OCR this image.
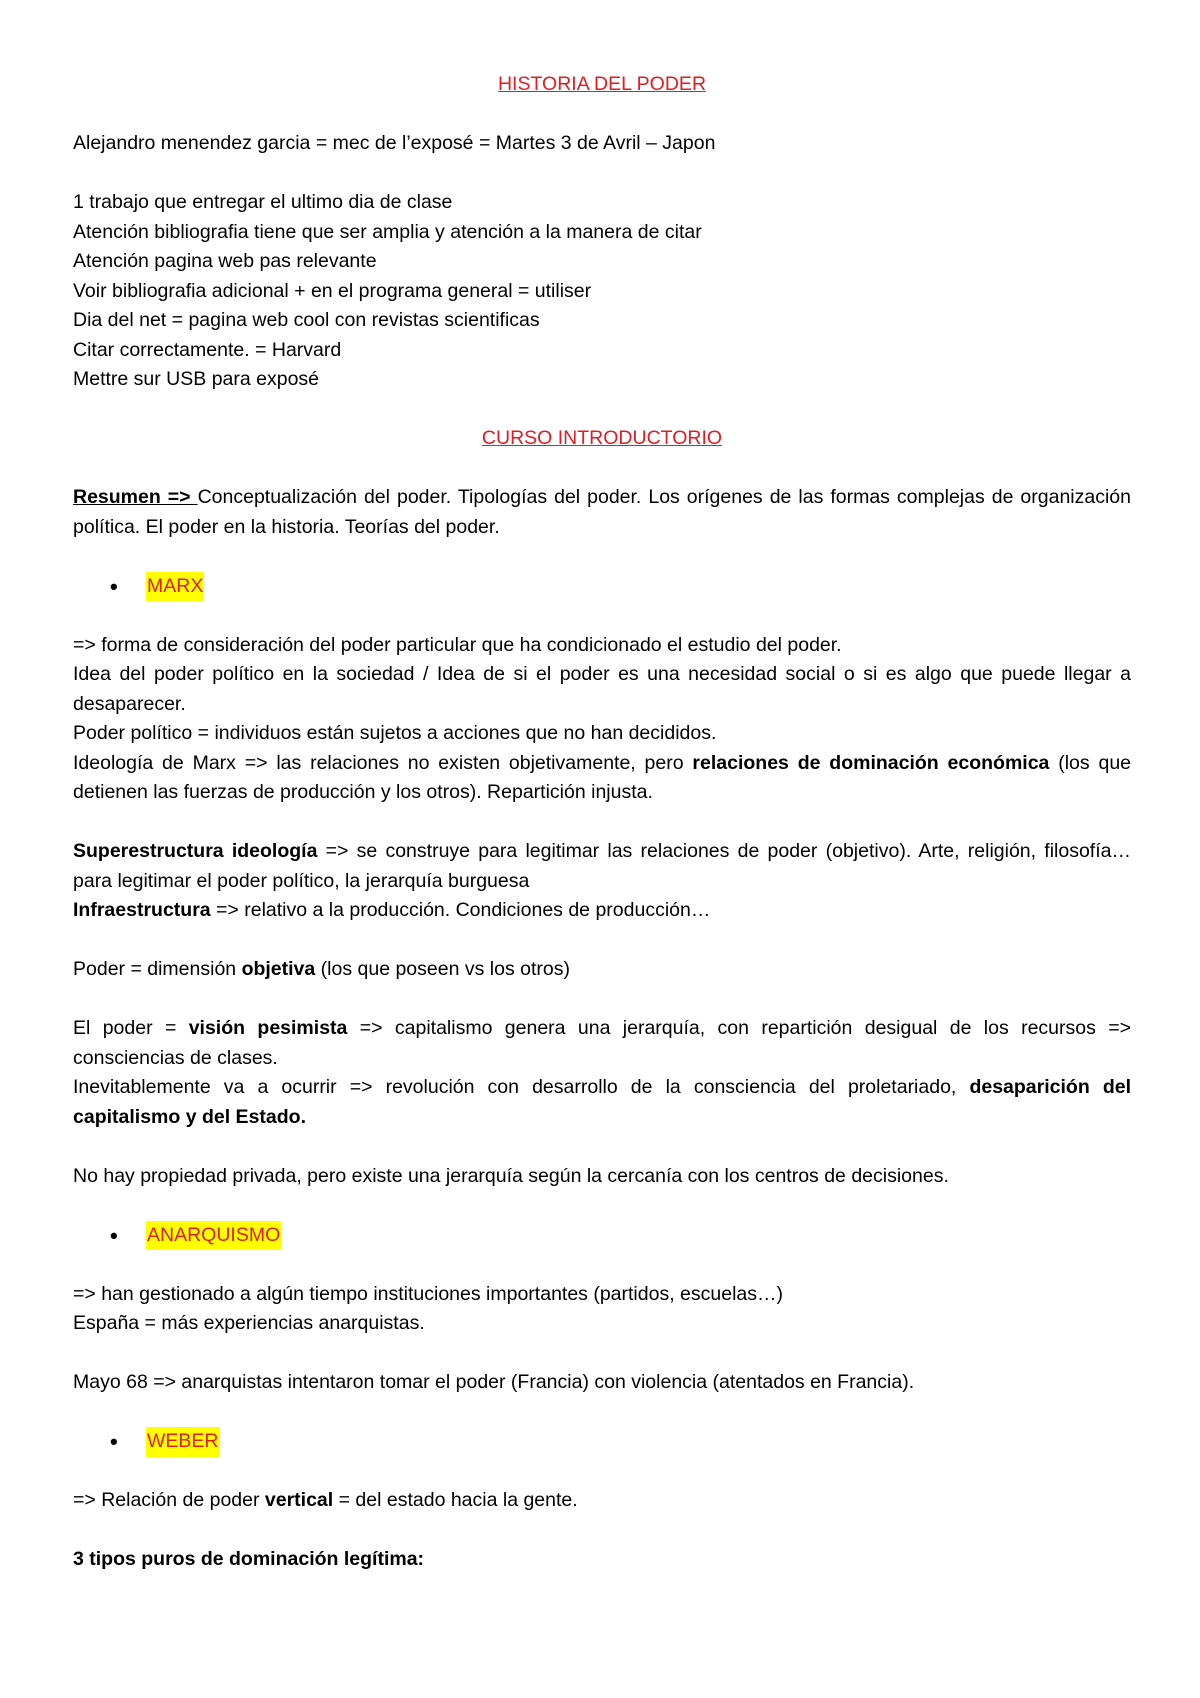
HISTORIA DEL PODER
Alejandro menendez garcia = mec de l’exposé = Martes 3 de Avril – Japon
1 trabajo que entregar el ultimo dia de clase
Atención bibliografia tiene que ser amplia y atención a la manera de citar
Atención pagina web pas relevante
Voir bibliografia adicional + en el programa general = utiliser
Dia del net = pagina web cool con revistas scientificas
Citar correctamente. = Harvard
Mettre sur USB para exposé
CURSO INTRODUCTORIO
Resumen => Conceptualización del poder. Tipologías del poder. Los orígenes de las formas complejas de organización política. El poder en la historia. Teorías del poder.
•	MARX
=> forma de consideración del poder particular que ha condicionado el estudio del poder.
Idea del poder político en la sociedad / Idea de si el poder es una necesidad social o si es algo que puede llegar a desaparecer.
Poder político = individuos están sujetos a acciones que no han decididos.
Ideología de Marx => las relaciones no existen objetivamente, pero relaciones de dominación económica (los que detienen las fuerzas de producción y los otros). Repartición injusta.
Superestructura ideología => se construye para legitimar las relaciones de poder (objetivo). Arte, religión, filosofía… para legitimar el poder político, la jerarquía burguesa
Infraestructura => relativo a la producción. Condiciones de producción…
Poder = dimensión objetiva (los que poseen vs los otros)
El poder = visión pesimista => capitalismo genera una jerarquía, con repartición desigual de los recursos => consciencias de clases.
Inevitablemente va a ocurrir => revolución con desarrollo de la consciencia del proletariado, desaparición del capitalismo y del Estado.
No hay propiedad privada, pero existe una jerarquía según la cercanía con los centros de decisiones.
•	ANARQUISMO
=> han gestionado a algún tiempo instituciones importantes (partidos, escuelas…)
España = más experiencias anarquistas.
Mayo 68 => anarquistas intentaron tomar el poder (Francia) con violencia (atentados en Francia).
•	WEBER
=> Relación de poder vertical = del estado hacia la gente.
3 tipos puros de dominación legítima:
